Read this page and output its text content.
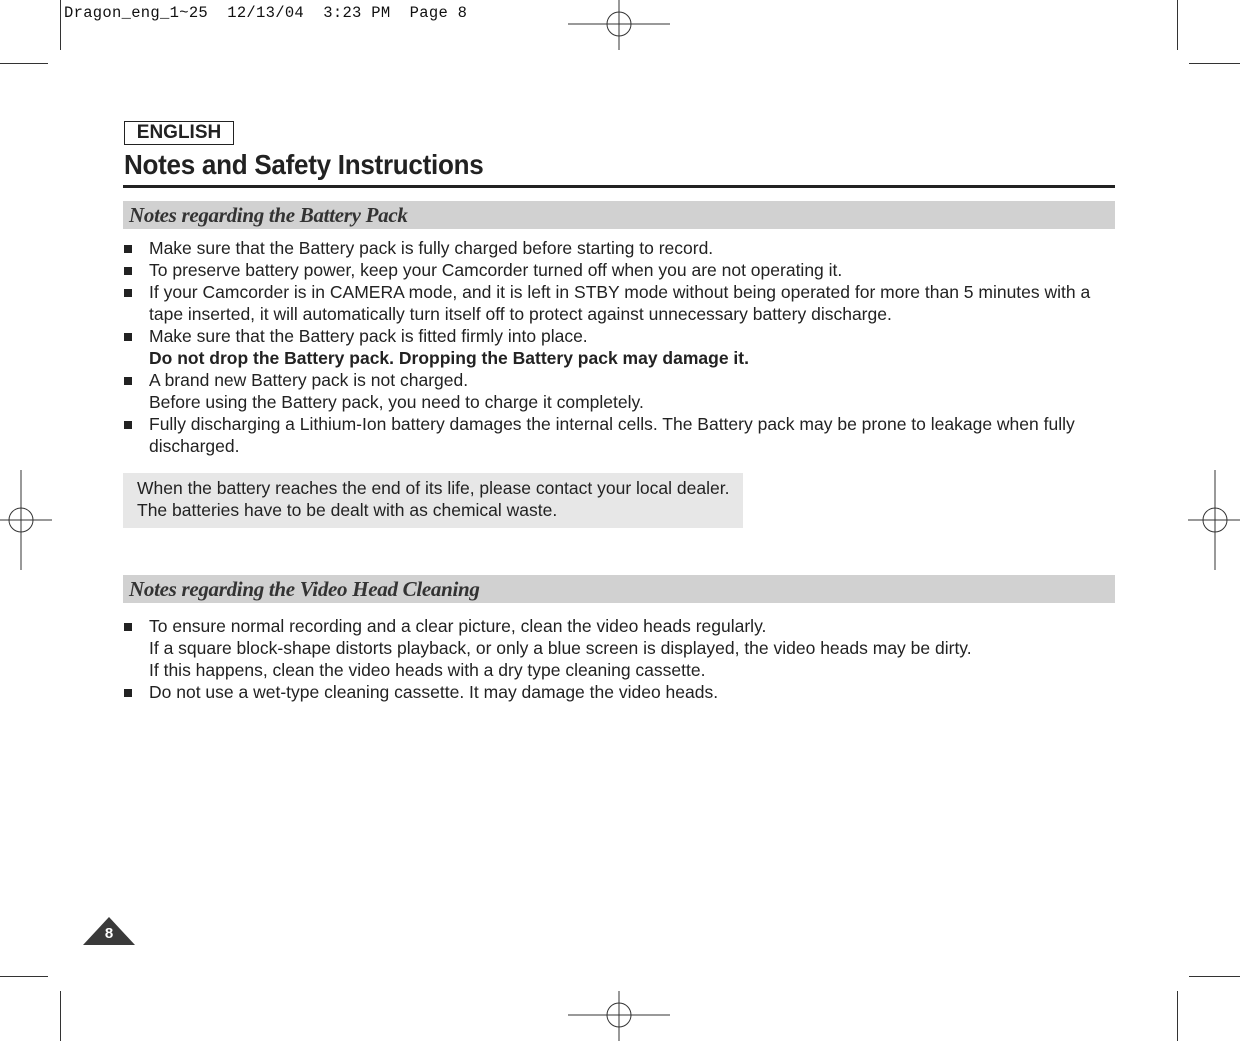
Dragon_eng_1~25  12/13/04  3:23 PM  Page 8
ENGLISH
Notes and Safety Instructions
Notes regarding the Battery Pack
Make sure that the Battery pack is fully charged before starting to record.
To preserve battery power, keep your Camcorder turned off when you are not operating it.
If your Camcorder is in CAMERA mode, and it is left in STBY mode without being operated for more than 5 minutes with a
tape inserted, it will automatically turn itself off to protect against unnecessary battery discharge.
Make sure that the Battery pack is fitted firmly into place.
Do not drop the Battery pack. Dropping the Battery pack may damage it.
A brand new Battery pack is not charged.
Before using the Battery pack, you need to charge it completely.
Fully discharging a Lithium-Ion battery damages the internal cells. The Battery pack may be prone to leakage when fully
discharged.
When the battery reaches the end of its life, please contact your local dealer.
The batteries have to be dealt with as chemical waste.
Notes regarding the Video Head Cleaning
To ensure normal recording and a clear picture, clean the video heads regularly.
If a square block-shape distorts playback, or only a blue screen is displayed, the video heads may be dirty.
If this happens, clean the video heads with a dry type cleaning cassette.
Do not use a wet-type cleaning cassette. It may damage the video heads.
8
